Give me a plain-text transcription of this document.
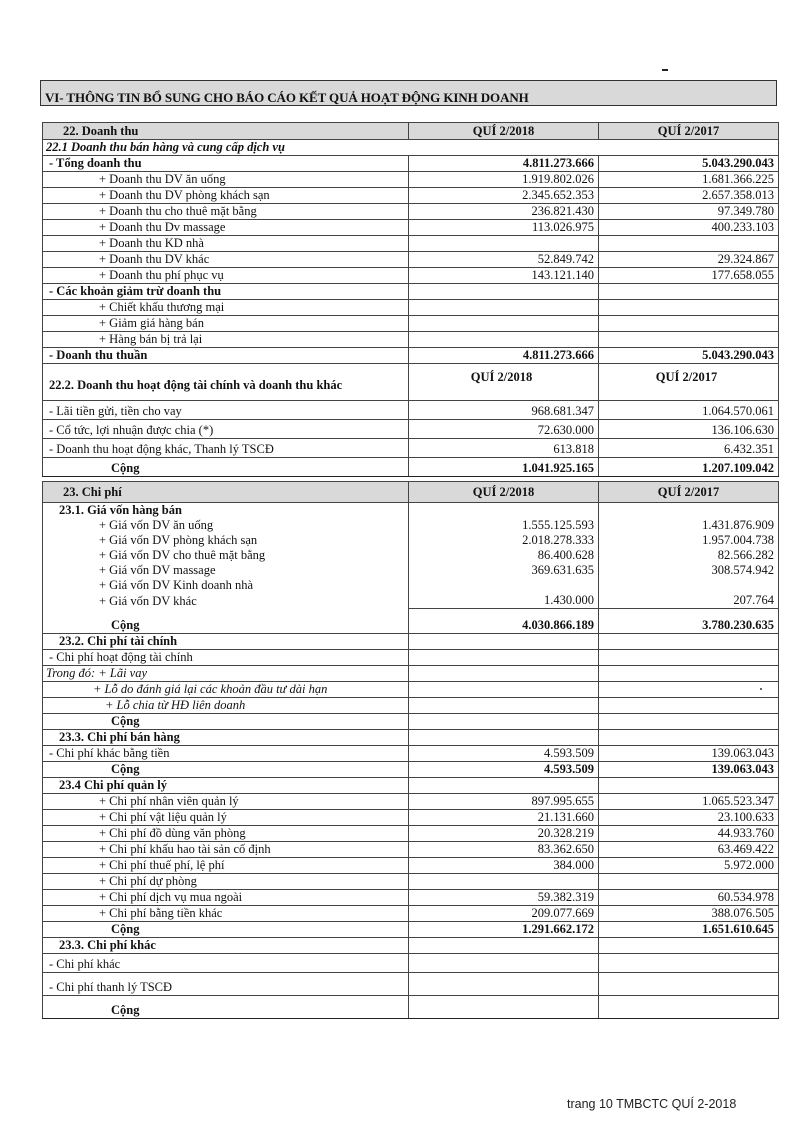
VI- THÔNG TIN BỔ SUNG CHO BÁO CÁO KẾT QUẢ HOẠT ĐỘNG KINH DOANH
22. Doanh thu	QUÍ 2/2018	QUÍ 2/2017
22.1 Doanh thu bán hàng và cung cấp dịch vụ		
- Tổng doanh thu	4.811.273.666	5.043.290.043
+ Doanh thu DV ăn uống	1.919.802.026	1.681.366.225
+ Doanh thu DV phòng khách sạn	2.345.652.353	2.657.358.013
+ Doanh thu cho thuê mặt bằng	236.821.430	97.349.780
+ Doanh thu Dv massage	113.026.975	400.233.103
+ Doanh thu KD nhà		
+ Doanh thu DV khác	52.849.742	29.324.867
+ Doanh thu phí phục vụ	143.121.140	177.658.055
- Các khoản giảm trừ doanh thu		
+ Chiết khấu thương mại		
+ Giảm giá hàng bán		
+ Hàng bán bị trả lại		
- Doanh thu thuần	4.811.273.666	5.043.290.043
22.2. Doanh thu hoạt động tài chính và doanh thu khác	QUÍ 2/2018	QUÍ 2/2017
- Lãi tiền gửi, tiền cho vay	968.681.347	1.064.570.061
- Cổ tức, lợi nhuận được chia (*)	72.630.000	136.106.630
- Doanh thu hoạt động khác, Thanh lý TSCĐ	613.818	6.432.351
Cộng	1.041.925.165	1.207.109.042
23. Chi phí	QUÍ 2/2018	QUÍ 2/2017
23.1. Giá vốn hàng bán		
+ Giá vốn DV ăn uống	1.555.125.593	1.431.876.909
+ Giá vốn DV phòng khách sạn	2.018.278.333	1.957.004.738
+ Giá vốn DV cho thuê mặt bằng	86.400.628	82.566.282
+ Giá vốn DV massage	369.631.635	308.574.942
+ Giá vốn DV Kinh doanh nhà		
+ Giá vốn DV khác	1.430.000	207.764
Cộng	4.030.866.189	3.780.230.635
23.2. Chi phí tài chính		
- Chi phí hoạt động tài chính		
Trong đó: + Lãi vay		
+ Lỗ do đánh giá lại các khoản đầu tư dài hạn		
+ Lỗ chia từ HĐ liên doanh		
Cộng		
23.3. Chi phí bán hàng		
- Chi phí khác bằng tiền	4.593.509	139.063.043
Cộng	4.593.509	139.063.043
23.4 Chi phí quản lý		
+ Chi phí nhân viên quản lý	897.995.655	1.065.523.347
+ Chi phí vật liệu quản lý	21.131.660	23.100.633
+ Chi phí đồ dùng văn phòng	20.328.219	44.933.760
+ Chi phí khấu hao tài sản cố định	83.362.650	63.469.422
+ Chi phí thuế phí, lệ phí	384.000	5.972.000
+ Chi phí dự phòng		
+ Chi phí dịch vụ mua ngoài	59.382.319	60.534.978
+ Chi phí bằng tiền khác	209.077.669	388.076.505
Cộng	1.291.662.172	1.651.610.645
23.3. Chi phí khác		
- Chi phí khác		
- Chi phí thanh lý TSCĐ		
Cộng		
trang 10 TMBCTC QUÍ 2-2018
